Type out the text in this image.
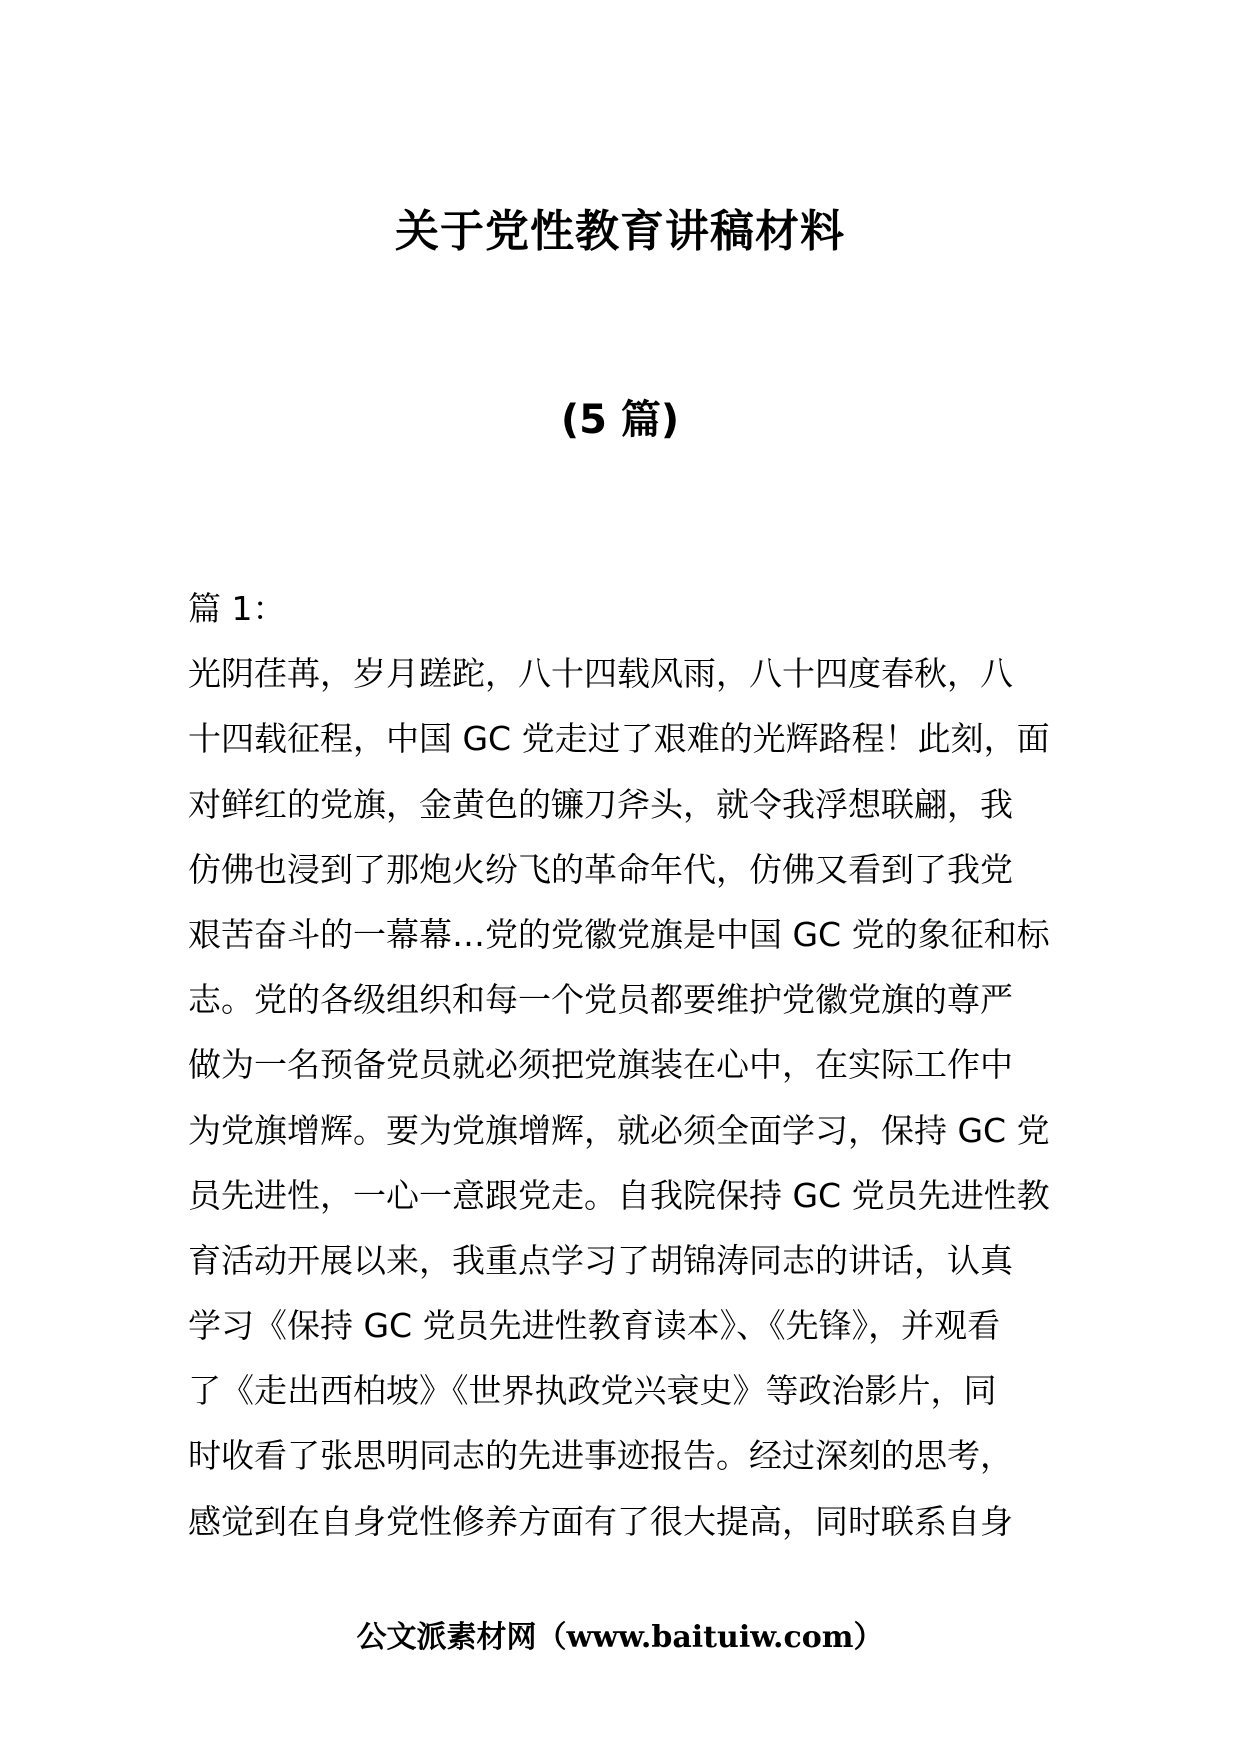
关于党性教育讲稿材料
(5 篇)
篇 1：
光阴荏苒，岁月蹉跎，八十四载风雨，八十四度春秋，八
十四载征程，中国 GC 党走过了艰难的光辉路程！此刻，面
对鲜红的党旗，金黄色的镰刀斧头，就令我浮想联翩，我
仿佛也浸到了那炮火纷飞的革命年代，仿佛又看到了我党
艰苦奋斗的一幕幕…党的党徽党旗是中国 GC 党的象征和标
志。党的各级组织和每一个党员都要维护党徽党旗的尊严
做为一名预备党员就必须把党旗装在心中，在实际工作中
为党旗增辉。要为党旗增辉，就必须全面学习，保持 GC 党
员先进性，一心一意跟党走。自我院保持 GC 党员先进性教
育活动开展以来，我重点学习了胡锦涛同志的讲话，认真
学习《保持 GC 党员先进性教育读本》、《先锋》，并观看
了《走出西柏坡》《世界执政党兴衰史》等政治影片，同
时收看了张思明同志的先进事迹报告。经过深刻的思考，
感觉到在自身党性修养方面有了很大提高，同时联系自身
公文派素材网（www.baituiw.com）
